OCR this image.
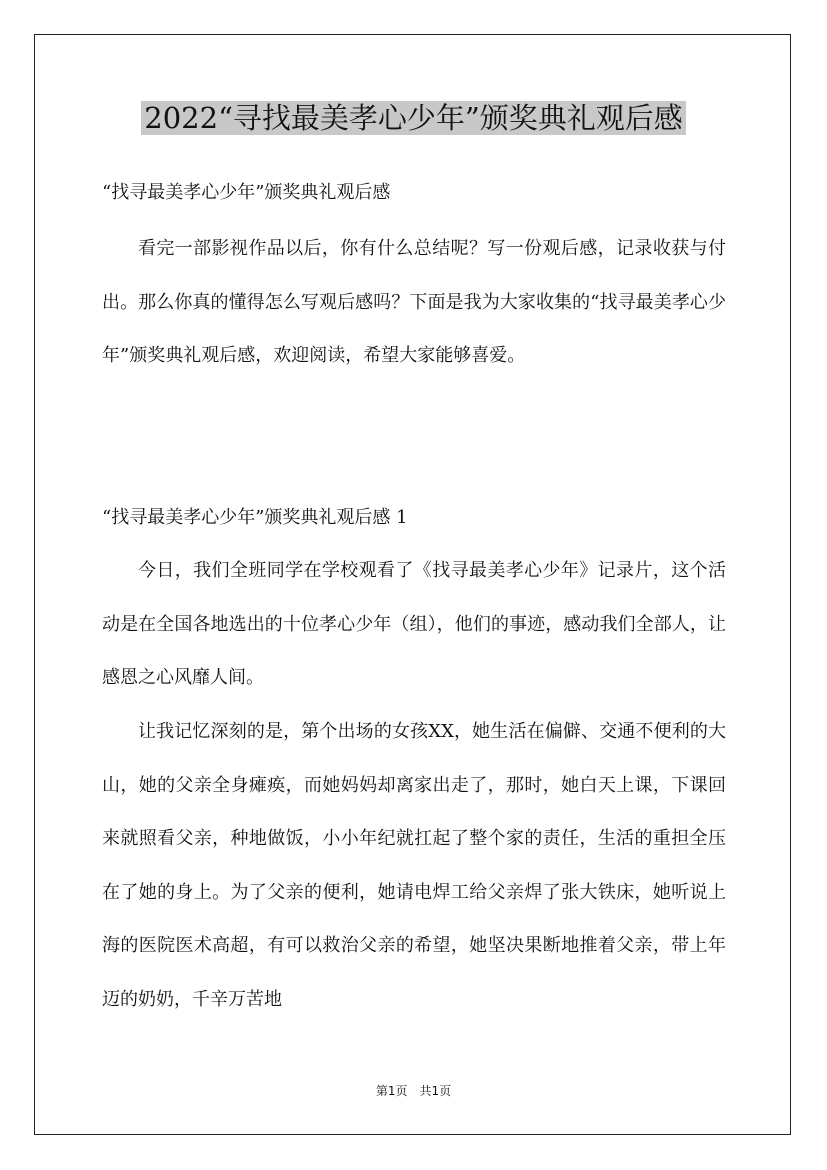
2022“寻找最美孝心少年”颁奖典礼观后感

“找寻最美孝心少年”颁奖典礼观后感

看完一部影视作品以后，你有什么总结呢？写一份观后感，记录收获与付出。那么你真的懂得怎么写观后感吗？下面是我为大家收集的“找寻最美孝心少年”颁奖典礼观后感，欢迎阅读，希望大家能够喜爱。

“找寻最美孝心少年”颁奖典礼观后感 1

今日，我们全班同学在学校观看了《找寻最美孝心少年》记录片，这个活动是在全国各地选出的十位孝心少年（组），他们的事迹，感动我们全部人，让感恩之心风靡人间。

让我记忆深刻的是，第个出场的女孩XX，她生活在偏僻、交通不便利的大山，她的父亲全身瘫痪，而她妈妈却离家出走了，那时，她白天上课，下课回来就照看父亲，种地做饭，小小年纪就扛起了整个家的责任，生活的重担全压在了她的身上。为了父亲的便利，她请电焊工给父亲焊了张大铁床，她听说上海的医院医术高超，有可以救治父亲的希望，她坚决果断地推着父亲，带上年迈的奶奶，千辛万苦地

第1页 共1页
